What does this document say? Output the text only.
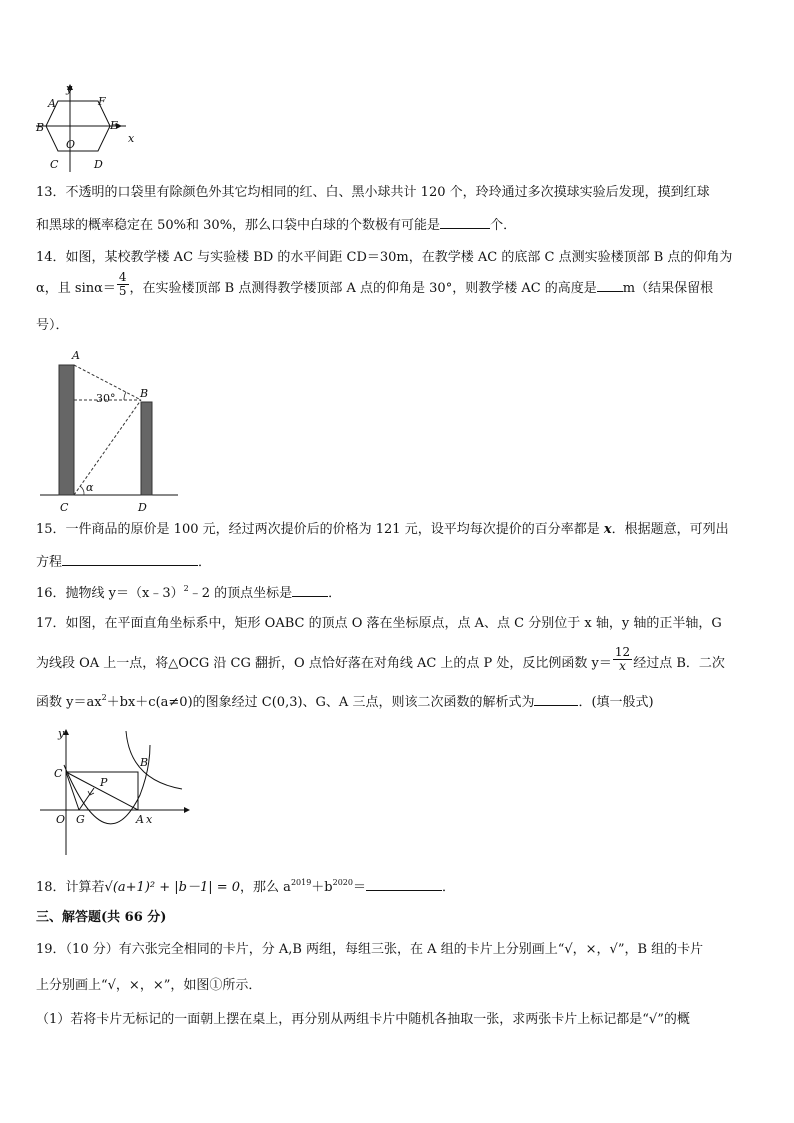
y
x
A	F
B	E
O
C	D
13．不透明的口袋里有除颜色外其它均相同的红、白、黑小球共计 120 个，玲玲通过多次摸球实验后发现，摸到红球
和黑球的概率稳定在 50%和 30%，那么口袋中白球的个数极有可能是	个．
14．如图，某校教学楼 AC 与实验楼 BD 的水平间距 CD＝30m，在教学楼 AC 的底部 C 点测实验楼顶部 B 点的仰角为
α，且 $\sin\alpha= \frac{4}{5}$ ，在实验楼顶部 B 点测得教学楼顶部 A 点的仰角是 30°，则教学楼 AC 的高度是 m（结果保留根
号）．
A
B
C	D
30°
α
15．一件商品的原价是 100 元，经过两次提价后的价格为 121 元，设平均每次提价的百分率都是 x．根据题意，可列出
方程	．
16．抛物线 y＝（x﹣3）$^2$﹣2 的顶点坐标是	．
17．如图，在平面直角坐标系中，矩形 OABC 的顶点 O 落在坐标原点，点 A、点 C 分别位于 x 轴，y 轴的正半轴，G
为线段 OA 上一点，将△OCG 沿 CG 翻折，O 点恰好落在对角线 AC 上的点 P 处，反比例函数 $y= \frac{12}{x}$ 经过点 B．二次
函数 $y=ax^2+bx+c(a\ne 0)$的图象经过 C(0,3)、G、A 三点，则该二次函数的解析式为	．(填一般式)
y
C
B
P
O G	A x
18．计算若√(a+1)² + |b－1| = 0，那么 $a^{2019}+b^{2020}=$	．
三、解答题(共 66 分)
19．（10 分）有六张完全相同的卡片，分 A,B 两组，每组三张，在 A 组的卡片上分别画上“√，×，√”，B 组的卡片
上分别画上“√，×，×”，如图①所示．
（1）若将卡片无标记的一面朝上摆在桌上，再分别从两组卡片中随机各抽取一张，求两张卡片上标记都是“√”的概
